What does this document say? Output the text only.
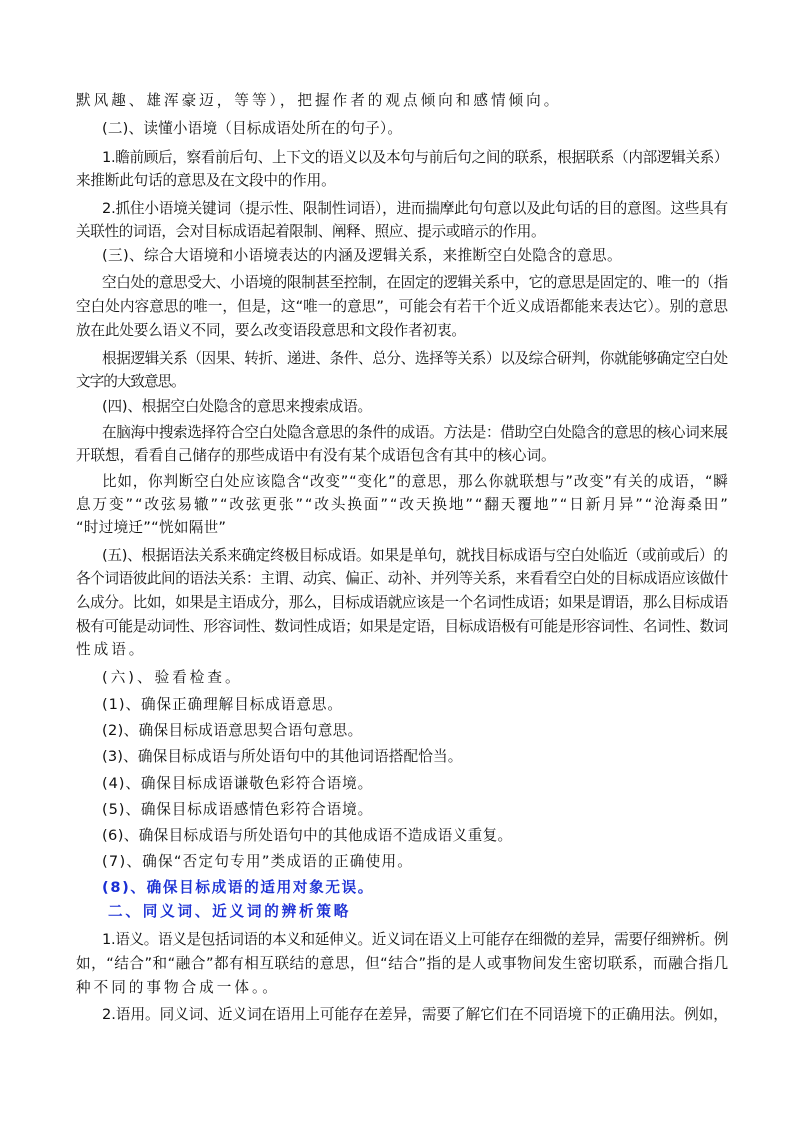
默风趣、雄浑豪迈，等等），把握作者的观点倾向和感情倾向。

(二)、读懂小语境（目标成语处所在的句子）。

1.瞻前顾后，察看前后句、上下文的语义以及本句与前后句之间的联系，根据联系（内部逻辑关系）

来推断此句话的意思及在文段中的作用。

2.抓住小语境关键词（提示性、限制性词语），进而揣摩此句句意以及此句话的目的意图。这些具有

关联性的词语，会对目标成语起着限制、阐释、照应、提示或暗示的作用。

(三)、综合大语境和小语境表达的内涵及逻辑关系，来推断空白处隐含的意思。

空白处的意思受大、小语境的限制甚至控制，在固定的逻辑关系中，它的意思是固定的、唯一的（指

空白处内容意思的唯一，但是，这“唯一的意思”，可能会有若干个近义成语都能来表达它）。别的意思

放在此处要么语义不同，要么改变语段意思和文段作者初衷。

根据逻辑关系（因果、转折、递进、条件、总分、选择等关系）以及综合研判，你就能够确定空白处

文字的大致意思。

(四)、根据空白处隐含的意思来搜索成语。

在脑海中搜索选择符合空白处隐含意思的条件的成语。方法是：借助空白处隐含的意思的核心词来展

开联想，看看自己储存的那些成语中有没有某个成语包含有其中的核心词。

比如，你判断空白处应该隐含“改变”“变化”的意思，那么你就联想与”改变”有关的成语，“瞬

息万变”“改弦易辙”“改弦更张”“改头换面”“改天换地”“翻天覆地”“日新月异”“沧海桑田”

“时过境迁”“恍如隔世”

(五)、根据语法关系来确定终极目标成语。如果是单句，就找目标成语与空白处临近（或前或后）的

各个词语彼此间的语法关系：主谓、动宾、偏正、动补、并列等关系，来看看空白处的目标成语应该做什

么成分。比如，如果是主语成分，那么，目标成语就应该是一个名词性成语；如果是谓语，那么目标成语

极有可能是动词性、形容词性、数词性成语；如果是定语，目标成语极有可能是形容词性、名词性、数词

性成语。

(六)、验看检查。

(1)、确保正确理解目标成语意思。

(2)、确保目标成语意思契合语句意思。

(3)、确保目标成语与所处语句中的其他词语搭配恰当。

(4)、确保目标成语谦敬色彩符合语境。

(5)、确保目标成语感情色彩符合语境。

(6)、确保目标成语与所处语句中的其他成语不造成语义重复。

(7)、确保“否定句专用”类成语的正确使用。

(8)、确保目标成语的适用对象无误。

二、同义词、近义词的辨析策略

1.语义。语义是包括词语的本义和延伸义。近义词在语义上可能存在细微的差异，需要仔细辨析。例

如，“结合”和“融合”都有相互联结的意思，但“结合”指的是人或事物间发生密切联系，而融合指几

种不同的事物合成一体。。

2.语用。同义词、近义词在语用上可能存在差异，需要了解它们在不同语境下的正确用法。例如，
